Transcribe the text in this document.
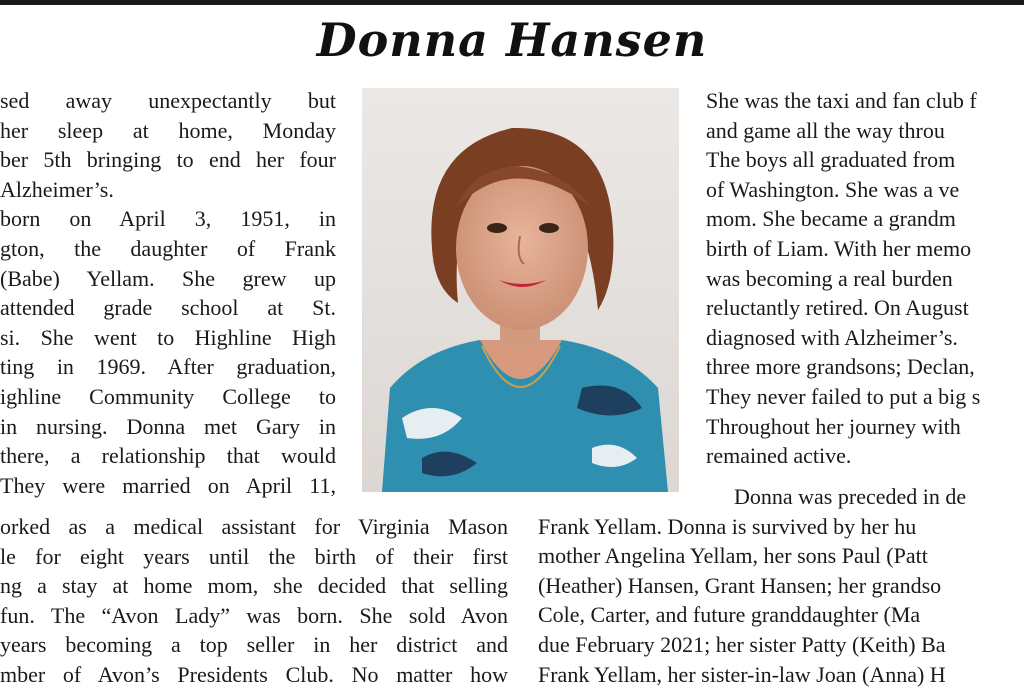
Donna Hansen
sed away unexpectantly but
her sleep at home, Monday
ber 5th bringing to end her four
Alzheimer’s.
born on April 3, 1951, in
gton, the daughter of Frank
(Babe) Yellam. She grew up
attended grade school at St.
si. She went to Highline High
ting in 1969. After graduation,
ighline Community College to
in nursing. Donna met Gary in
there, a relationship that would
They were married on April 11,
She was the taxi and fan club f
and game all the way throu
The boys all graduated from
of Washington. She was a ve
mom. She became a grandm
birth of Liam. With her memo
was becoming a real burden
reluctantly retired. On August
diagnosed with Alzheimer’s.
three more grandsons; Declan,
They never failed to put a big s
Throughout her journey with
remained active.
orked as a medical assistant for Virginia Mason
le for eight years until the birth of their first
ng a stay at home mom, she decided that selling
fun. The “Avon Lady” was born. She sold Avon
years becoming a top seller in her district and
mber of Avon’s Presidents Club. No matter how
Donna was preceded in de
Frank Yellam. Donna is survived by her hu
mother Angelina Yellam, her sons Paul (Patt
(Heather) Hansen, Grant Hansen; her grandso
Cole, Carter, and future granddaughter (Ma
due February 2021; her sister Patty (Keith) Ba
Frank Yellam, her sister-in-law Joan (Anna) H
